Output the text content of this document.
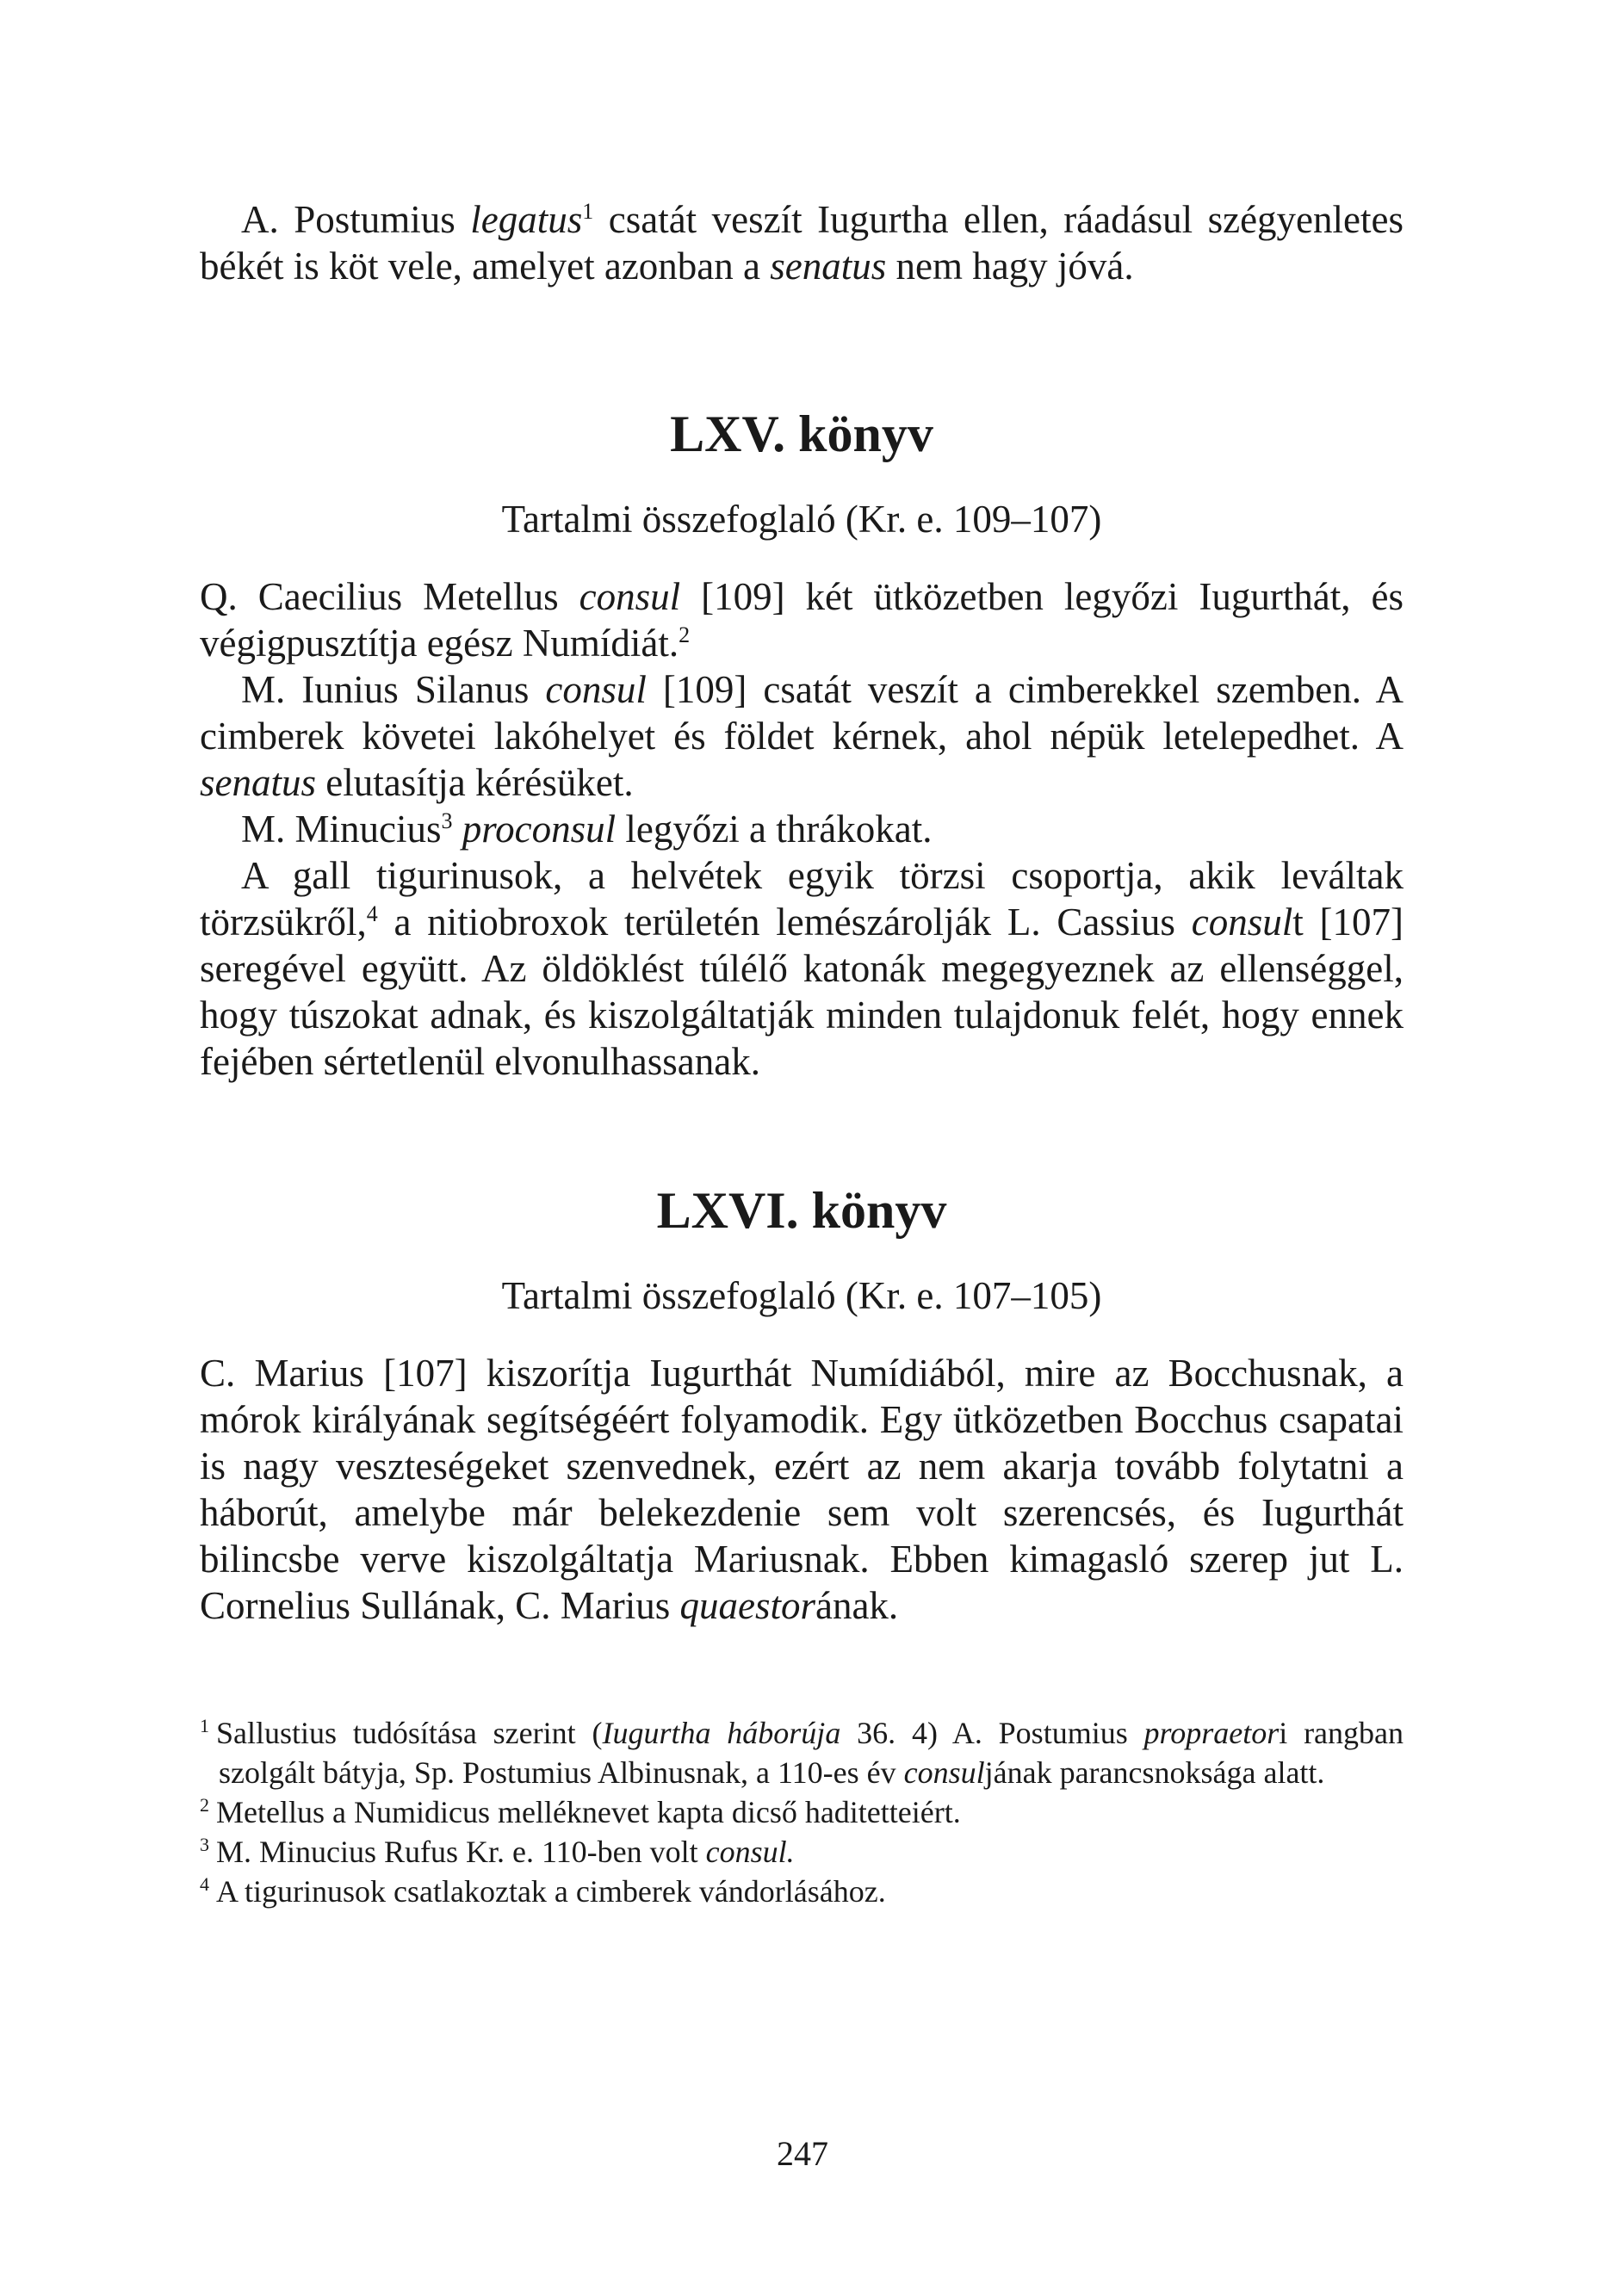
A. Postumius legatus$^1$ csatát veszít Iugurtha ellen, ráadásul szégyenletes békét is köt vele, amelyet azonban a senatus nem hagy jóvá.

LXV. könyv

Tartalmi összefoglaló (Kr. e. 109–107)

Q. Caecilius Metellus consul [109] két ütközetben legyőzi Iugurthát, és végigpusztítja egész Numídiát.$^2$

M. Iunius Silanus consul [109] csatát veszít a cimberekkel szemben. A cimberek követei lakóhelyet és földet kérnek, ahol népük letelepedhet. A senatus elutasítja kérésüket.

M. Minucius$^3$ proconsul legyőzi a thrákokat.

A gall tigurinusok, a helvétek egyik törzsi csoportja, akik leváltak törzsükről,$^4$ a nitiobroxok területén lemészárolják L. Cassius consult [107] seregével együtt. Az öldöklést túlélő katonák megegyeznek az ellenséggel, hogy túszokat adnak, és kiszolgáltatják minden tulajdonuk felét, hogy ennek fejében sértetlenül elvonulhassanak.

LXVI. könyv

Tartalmi összefoglaló (Kr. e. 107–105)

C. Marius [107] kiszorítja Iugurthát Numídiából, mire az Bocchusnak, a mórok királyának segítségéért folyamodik. Egy ütközetben Bocchus csapatai is nagy veszteségeket szenvednek, ezért az nem akarja tovább folytatni a háborút, amelybe már belekezdenie sem volt szerencsés, és Iugurthát bilincsbe verve kiszolgáltatja Mariusnak. Ebben kimagasló szerep jut L. Cornelius Sullának, C. Marius quaestorának.

$^1$ Sallustius tudósítása szerint (Iugurtha háborúja 36. 4) A. Postumius propraetori rangban szolgált bátyja, Sp. Postumius Albinusnak, a 110-es év consuljának parancsnoksága alatt.

$^2$ Metellus a Numidicus melléknevet kapta dicső haditetteiért.

$^3$ M. Minucius Rufus Kr. e. 110-ben volt consul.

$^4$ A tigurinusok csatlakoztak a cimberek vándorlásához.

247
